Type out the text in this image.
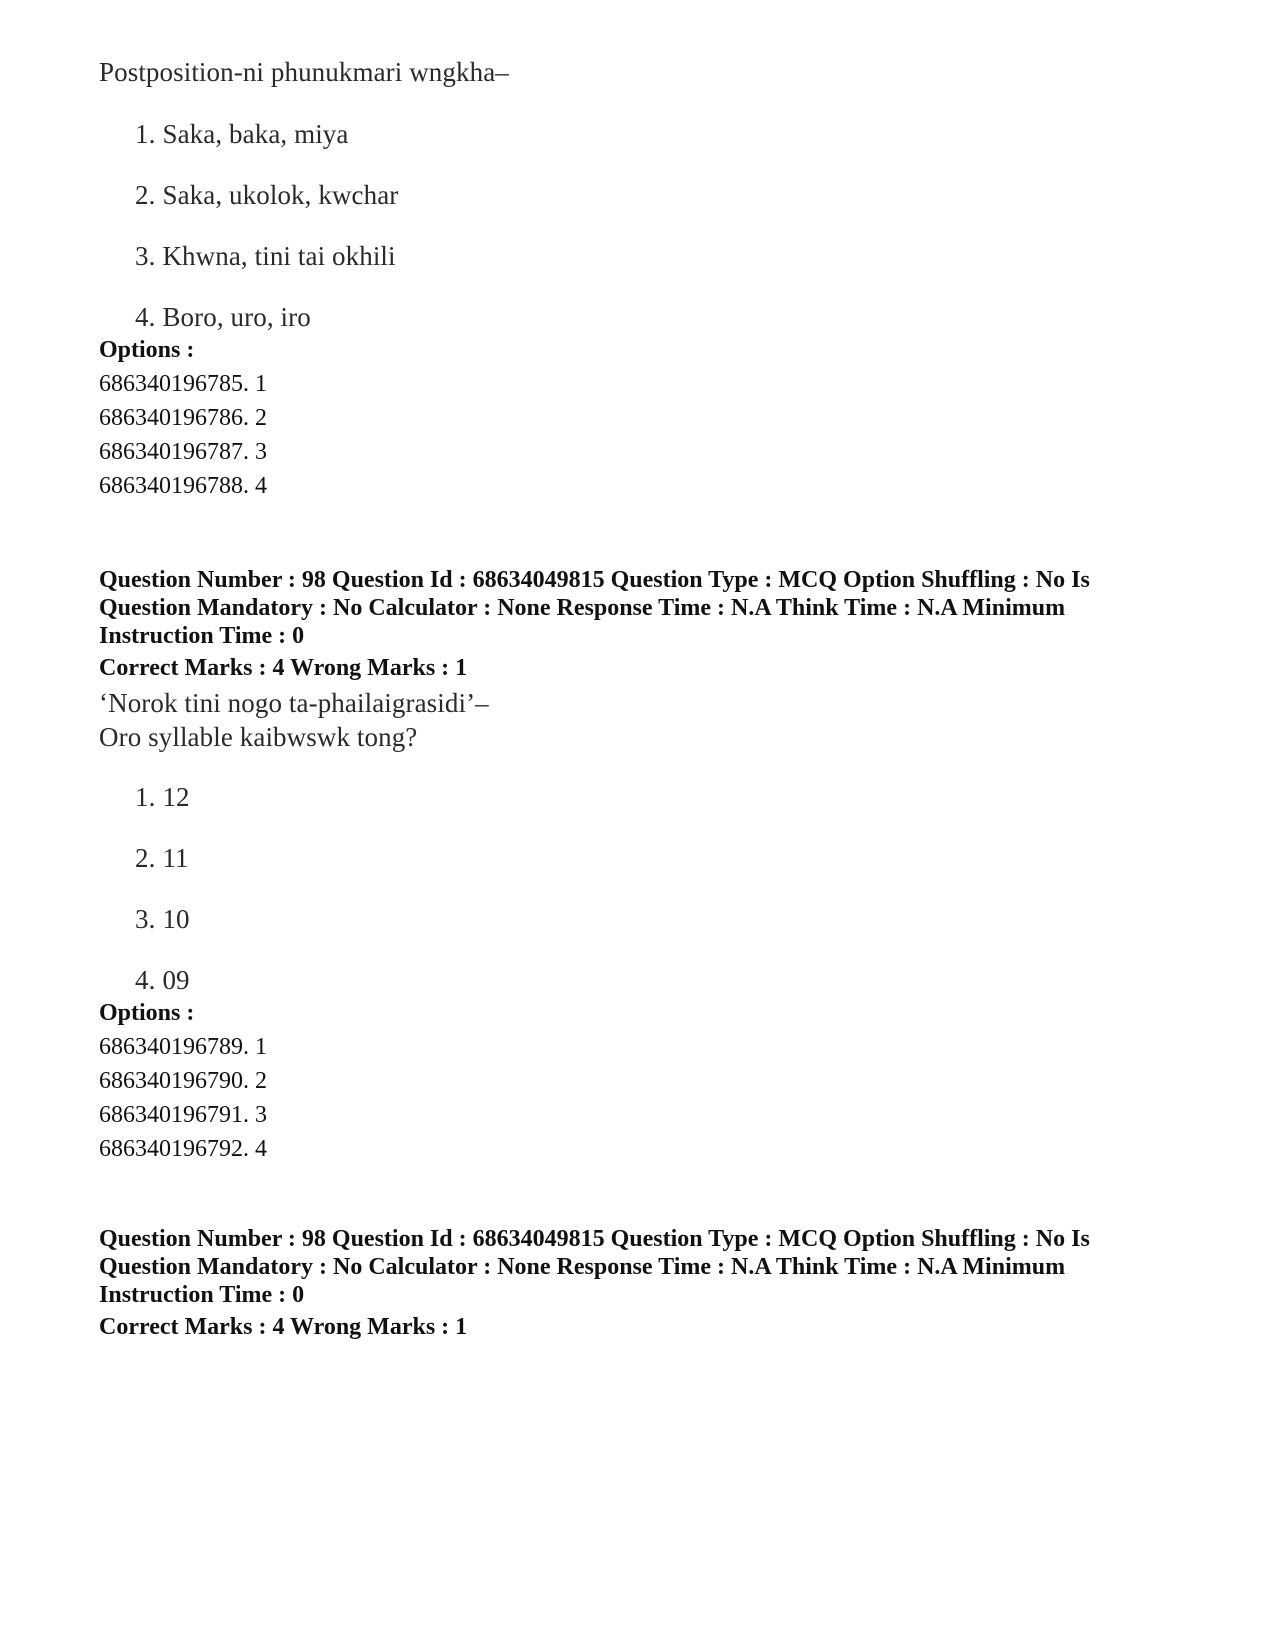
Postposition-ni phunukmari wngkha–
1. Saka, baka, miya
2. Saka, ukolok, kwchar
3. Khwna, tini tai okhili
4. Boro, uro, iro
Options :
686340196785. 1
686340196786. 2
686340196787. 3
686340196788. 4
Question Number : 98 Question Id : 68634049815 Question Type : MCQ Option Shuffling : No Is
Question Mandatory : No Calculator : None Response Time : N.A Think Time : N.A Minimum
Instruction Time : 0
Correct Marks : 4 Wrong Marks : 1
‘Norok tini nogo ta-phailaigrasidi’–
Oro syllable kaibwswk tong?
1. 12
2. 11
3. 10
4. 09
Options :
686340196789. 1
686340196790. 2
686340196791. 3
686340196792. 4
Question Number : 98 Question Id : 68634049815 Question Type : MCQ Option Shuffling : No Is
Question Mandatory : No Calculator : None Response Time : N.A Think Time : N.A Minimum
Instruction Time : 0
Correct Marks : 4 Wrong Marks : 1
